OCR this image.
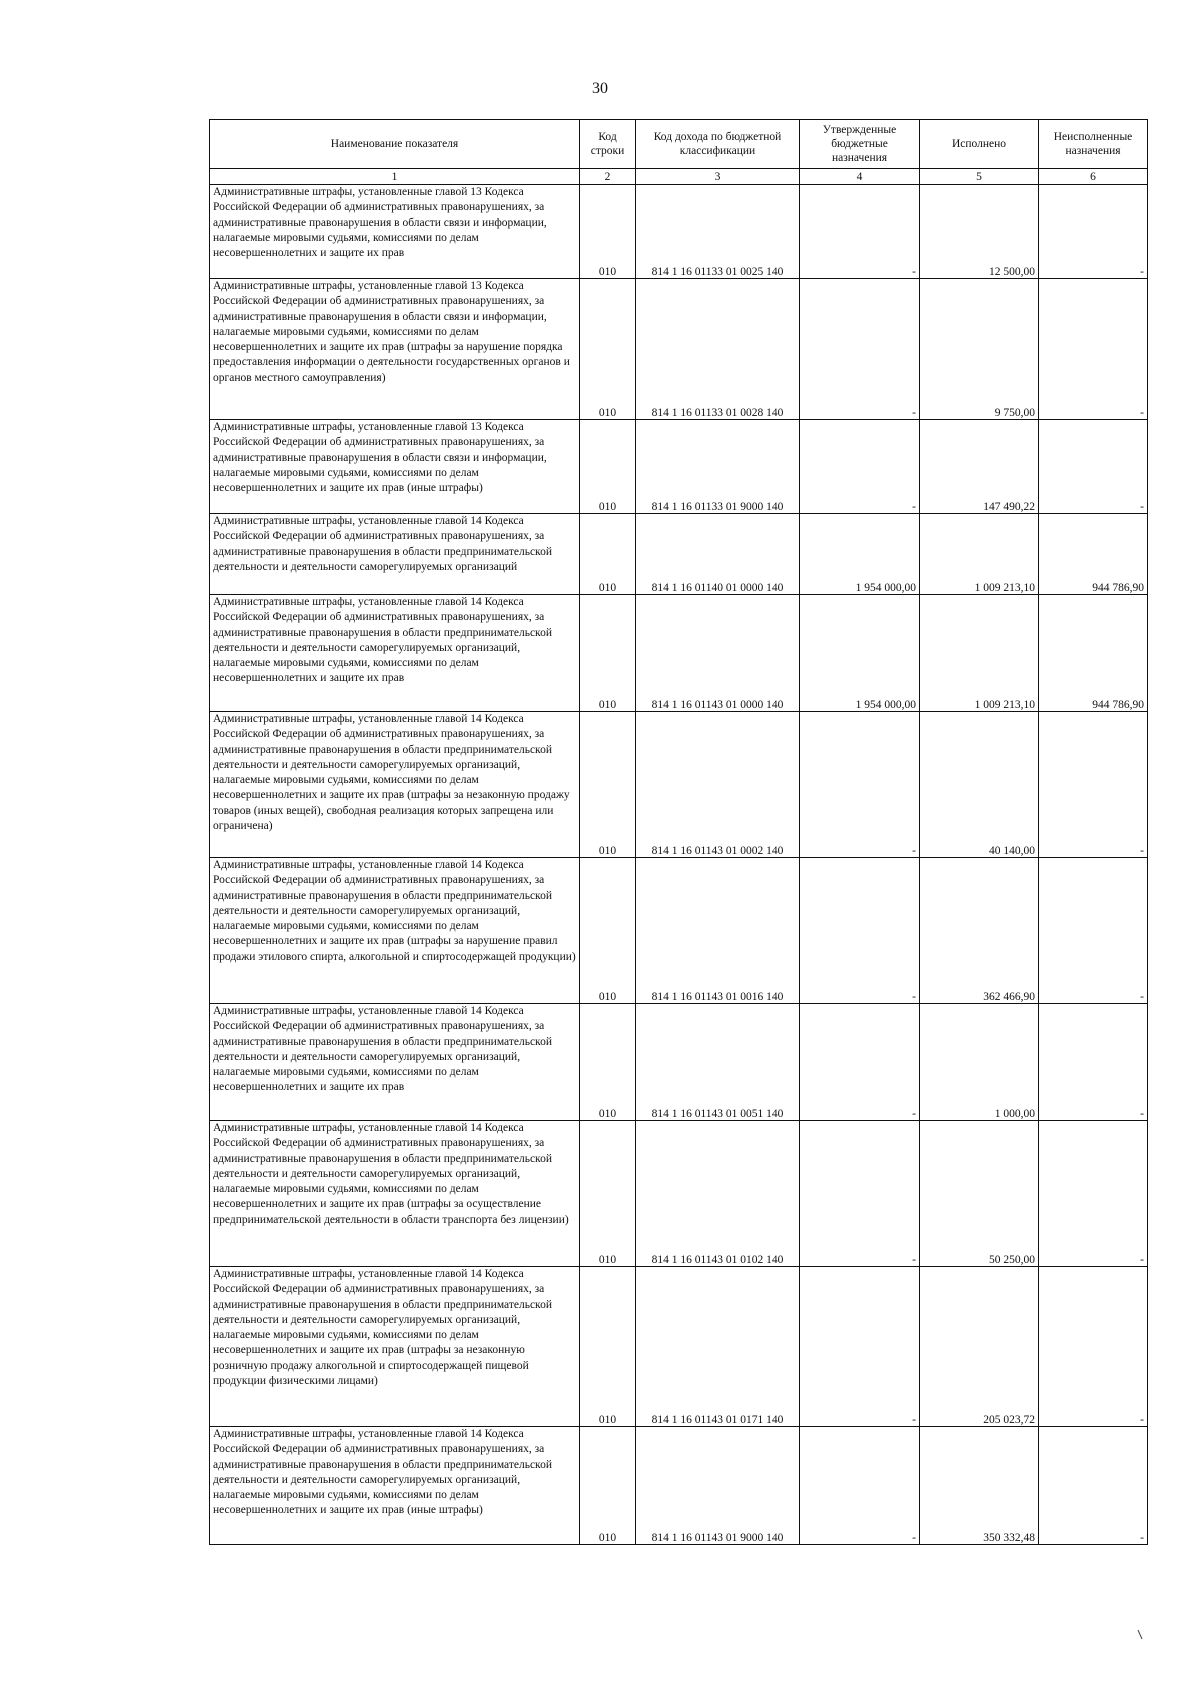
30
Наименование показателя	Код строки	Код дохода по бюджетной классификации	Утвержденные бюджетные назначения	Исполнено	Неисполненные назначения
1	2	3	4	5	6
Административные штрафы, установленные главой 13 Кодекса Российской Федерации об административных правонарушениях, за административные правонарушения в области связи и информации, налагаемые мировыми судьями, комиссиями по делам несовершеннолетних и защите их прав	010	814 1 16 01133 01 0025 140	-	12 500,00	-
Административные штрафы, установленные главой 13 Кодекса Российской Федерации об административных правонарушениях, за административные правонарушения в области связи и информации, налагаемые мировыми судьями, комиссиями по делам несовершеннолетних и защите их прав (штрафы за нарушение порядка предоставления информации о деятельности государственных органов и органов местного самоуправления)	010	814 1 16 01133 01 0028 140	-	9 750,00	-
Административные штрафы, установленные главой 13 Кодекса Российской Федерации об административных правонарушениях, за административные правонарушения в области связи и информации, налагаемые мировыми судьями, комиссиями по делам несовершеннолетних и защите их прав (иные штрафы)	010	814 1 16 01133 01 9000 140	-	147 490,22	-
Административные штрафы, установленные главой 14 Кодекса Российской Федерации об административных правонарушениях, за административные правонарушения в области предпринимательской деятельности и деятельности саморегулируемых организаций	010	814 1 16 01140 01 0000 140	1 954 000,00	1 009 213,10	944 786,90
Административные штрафы, установленные главой 14 Кодекса Российской Федерации об административных правонарушениях, за административные правонарушения в области предпринимательской деятельности и деятельности саморегулируемых организаций, налагаемые мировыми судьями, комиссиями по делам несовершеннолетних и защите их прав	010	814 1 16 01143 01 0000 140	1 954 000,00	1 009 213,10	944 786,90
Административные штрафы, установленные главой 14 Кодекса Российской Федерации об административных правонарушениях, за административные правонарушения в области предпринимательской деятельности и деятельности саморегулируемых организаций, налагаемые мировыми судьями, комиссиями по делам несовершеннолетних и защите их прав (штрафы за незаконную продажу товаров (иных вещей), свободная реализация которых запрещена или ограничена)	010	814 1 16 01143 01 0002 140	-	40 140,00	-
Административные штрафы, установленные главой 14 Кодекса Российской Федерации об административных правонарушениях, за административные правонарушения в области предпринимательской деятельности и деятельности саморегулируемых организаций, налагаемые мировыми судьями, комиссиями по делам несовершеннолетних и защите их прав (штрафы за нарушение правил продажи этилового спирта, алкогольной и спиртосодержащей продукции)	010	814 1 16 01143 01 0016 140	-	362 466,90	-
Административные штрафы, установленные главой 14 Кодекса Российской Федерации об административных правонарушениях, за административные правонарушения в области предпринимательской деятельности и деятельности саморегулируемых организаций, налагаемые мировыми судьями, комиссиями по делам несовершеннолетних и защите их прав	010	814 1 16 01143 01 0051 140	-	1 000,00	-
Административные штрафы, установленные главой 14 Кодекса Российской Федерации об административных правонарушениях, за административные правонарушения в области предпринимательской деятельности и деятельности саморегулируемых организаций, налагаемые мировыми судьями, комиссиями по делам несовершеннолетних и защите их прав (штрафы за осуществление предпринимательской деятельности в области транспорта без лицензии)	010	814 1 16 01143 01 0102 140	-	50 250,00	-
Административные штрафы, установленные главой 14 Кодекса Российской Федерации об административных правонарушениях, за административные правонарушения в области предпринимательской деятельности и деятельности саморегулируемых организаций, налагаемые мировыми судьями, комиссиями по делам несовершеннолетних и защите их прав (штрафы за незаконную розничную продажу алкогольной и спиртосодержащей пищевой продукции физическими лицами)	010	814 1 16 01143 01 0171 140	-	205 023,72	-
Административные штрафы, установленные главой 14 Кодекса Российской Федерации об административных правонарушениях, за административные правонарушения в области предпринимательской деятельности и деятельности саморегулируемых организаций, налагаемые мировыми судьями, комиссиями по делам несовершеннолетних и защите их прав (иные штрафы)	010	814 1 16 01143 01 9000 140	-	350 332,48	-
